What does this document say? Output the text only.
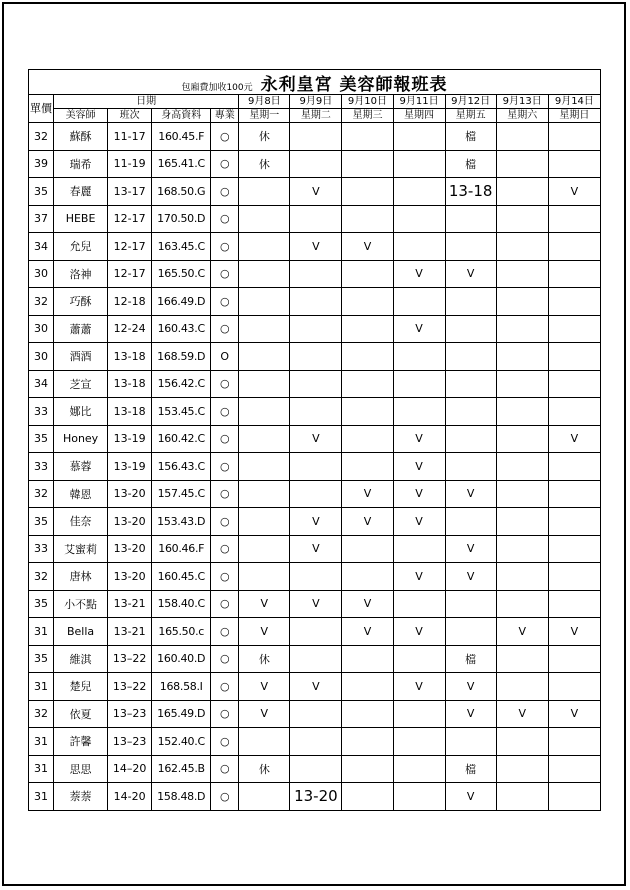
包廂費加收100元 永利皇宮 美容師報班表											

單價	日期				9月8日	9月9日	9月10日	9月11日	9月12日	9月13日	9月14日
	美容師	班次	身高資料	專業	星期一	星期二	星期三	星期四	星期五	星期六	星期日
32	蘇酥	11-17	160.45.F	○	休				檔		
39	瑞希	11-19	165.41.C	○	休				檔		
35	春麗	13-17	168.50.G	○		V			13-18		V
37	HEBE	12-17	170.50.D	○							
34	允兒	12-17	163.45.C	○		V	V				
30	洛神	12-17	165.50.C	○				V	V		
32	巧酥	12-18	166.49.D	○							
30	蕭蕭	12-24	160.43.C	○				V			
30	酒酒	13-18	168.59.D	O							
34	芝宣	13-18	156.42.C	○							
33	娜比	13-18	153.45.C	○							
35	Honey	13-19	160.42.C	○		V		V			V
33	慕蓉	13-19	156.43.C	○				V			
32	韓恩	13-20	157.45.C	○			V	V	V		
35	佳奈	13-20	153.43.D	○		V	V	V			
33	艾蜜莉	13-20	160.46.F	○		V			V		
32	唐林	13-20	160.45.C	○				V	V		
35	小不點	13-21	158.40.C	○	V	V	V				
31	Bella	13-21	165.50.c	○	V		V	V		V	V
35	維淇	13–22	160.40.D	○	休				檔		
31	楚兒	13–22	168.58.I	○	V	V		V	V		
32	依夏	13–23	165.49.D	○	V				V	V	V
31	許馨	13–23	152.40.C	○							
31	思思	14–20	162.45.B	○	休				檔		
31	萘萘	14-20	158.48.D	○		13-20			V		
